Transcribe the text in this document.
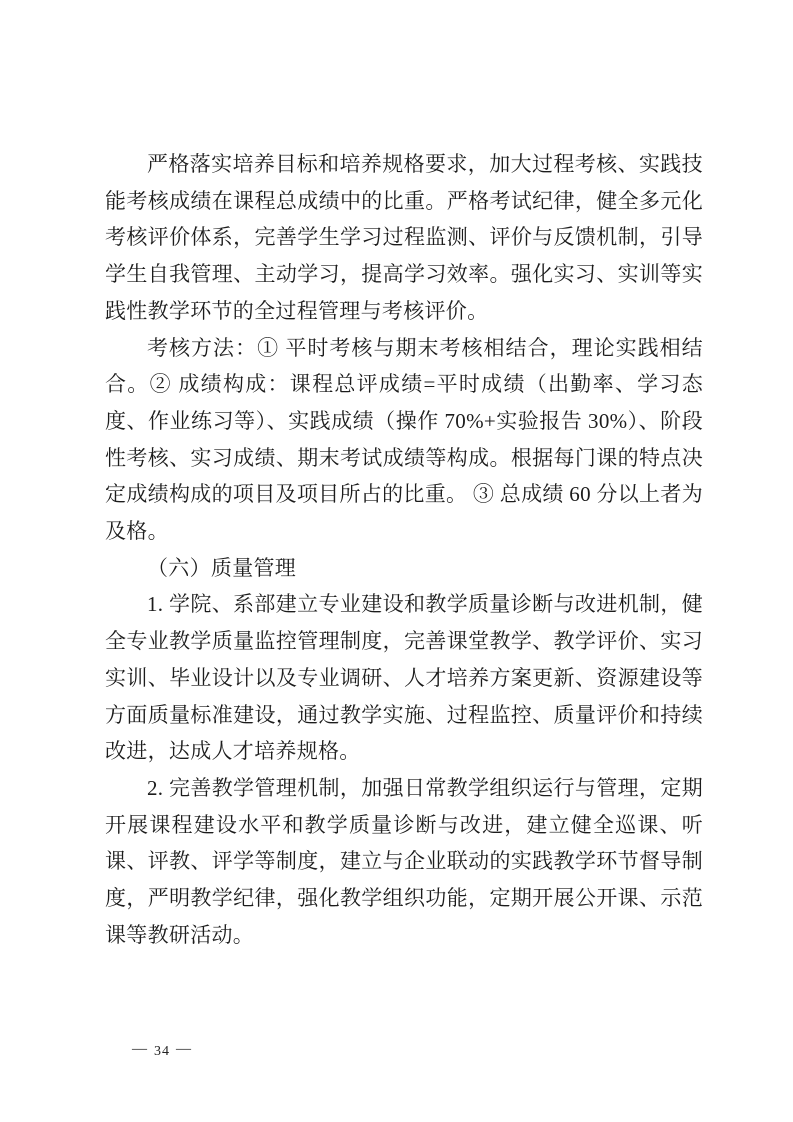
严格落实培养目标和培养规格要求，加大过程考核、实践技能考核成绩在课程总成绩中的比重。严格考试纪律，健全多元化考核评价体系，完善学生学习过程监测、评价与反馈机制，引导学生自我管理、主动学习，提高学习效率。强化实习、实训等实践性教学环节的全过程管理与考核评价。

考核方法：① 平时考核与期末考核相结合，理论实践相结合。② 成绩构成：课程总评成绩=平时成绩（出勤率、学习态度、作业练习等）、实践成绩（操作 70%+实验报告 30%）、阶段性考核、实习成绩、期末考试成绩等构成。根据每门课的特点决定成绩构成的项目及项目所占的比重。 ③ 总成绩 60 分以上者为及格。

（六）质量管理

1. 学院、系部建立专业建设和教学质量诊断与改进机制，健全专业教学质量监控管理制度，完善课堂教学、教学评价、实习实训、毕业设计以及专业调研、人才培养方案更新、资源建设等方面质量标准建设，通过教学实施、过程监控、质量评价和持续改进，达成人才培养规格。

2. 完善教学管理机制，加强日常教学组织运行与管理，定期开展课程建设水平和教学质量诊断与改进，建立健全巡课、听课、评教、评学等制度，建立与企业联动的实践教学环节督导制度，严明教学纪律，强化教学组织功能，定期开展公开课、示范课等教研活动。

— 34 —
